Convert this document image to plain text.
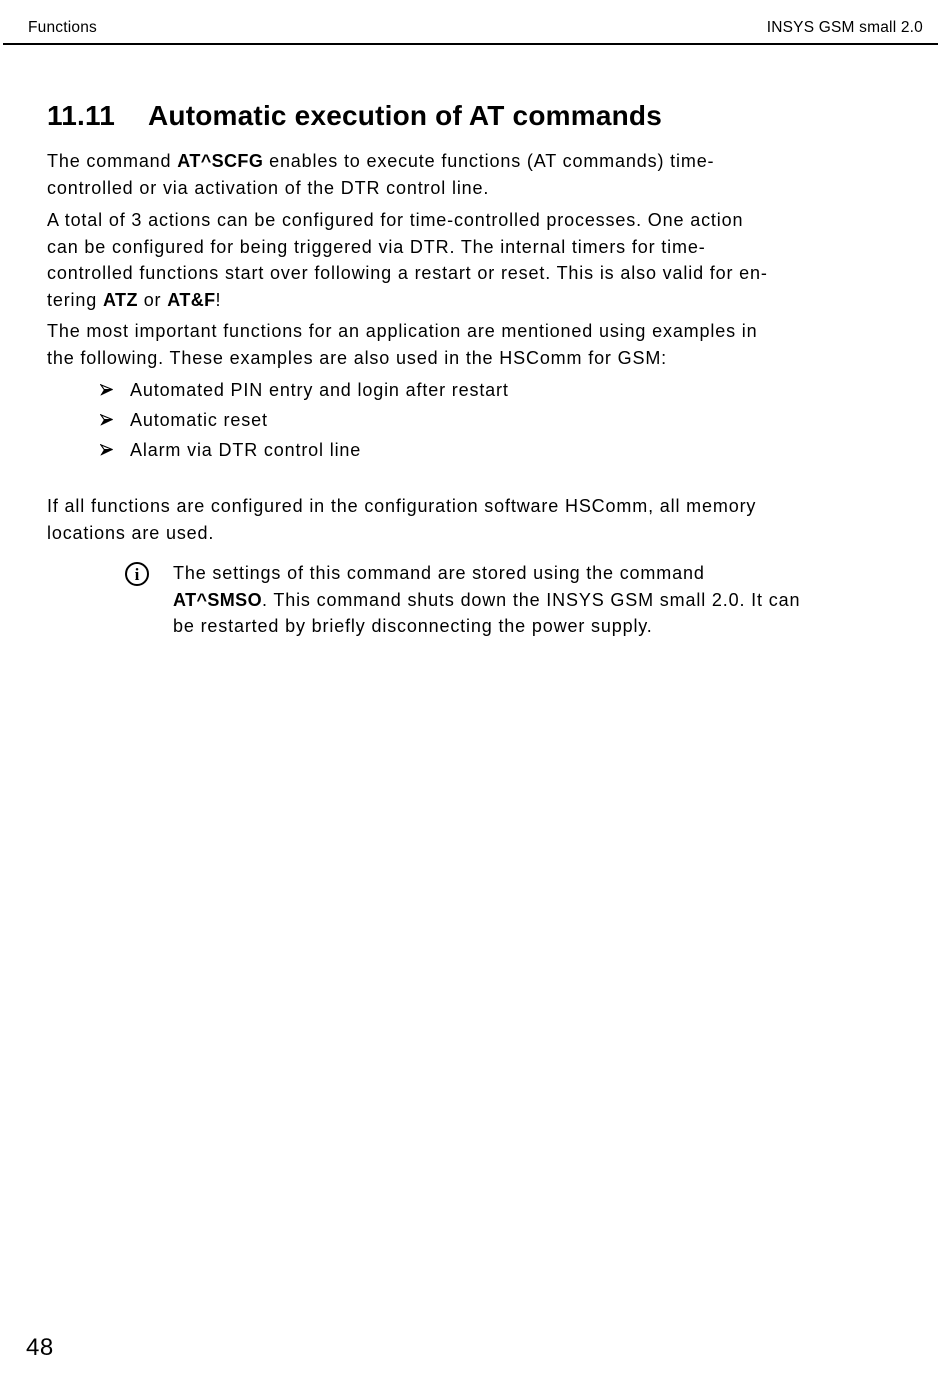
Functions	INSYS GSM small 2.0
11.11	Automatic execution of AT commands

The command AT^SCFG enables to execute functions (AT commands) time-
controlled or via activation of the DTR control line.

A total of 3 actions can be configured for time-controlled processes. One action
can be configured for being triggered via DTR. The internal timers for time-
controlled functions start over following a restart or reset. This is also valid for en-
tering ATZ or AT&F!

The most important functions for an application are mentioned using examples in
the following. These examples are also used in the HSComm for GSM:

Automated PIN entry and login after restart
Automatic reset
Alarm via DTR control line

If all functions are configured in the configuration software HSComm, all memory
locations are used.

i The settings of this command are stored using the command
AT^SMSO. This command shuts down the INSYS GSM small 2.0. It can
be restarted by briefly disconnecting the power supply.

48
